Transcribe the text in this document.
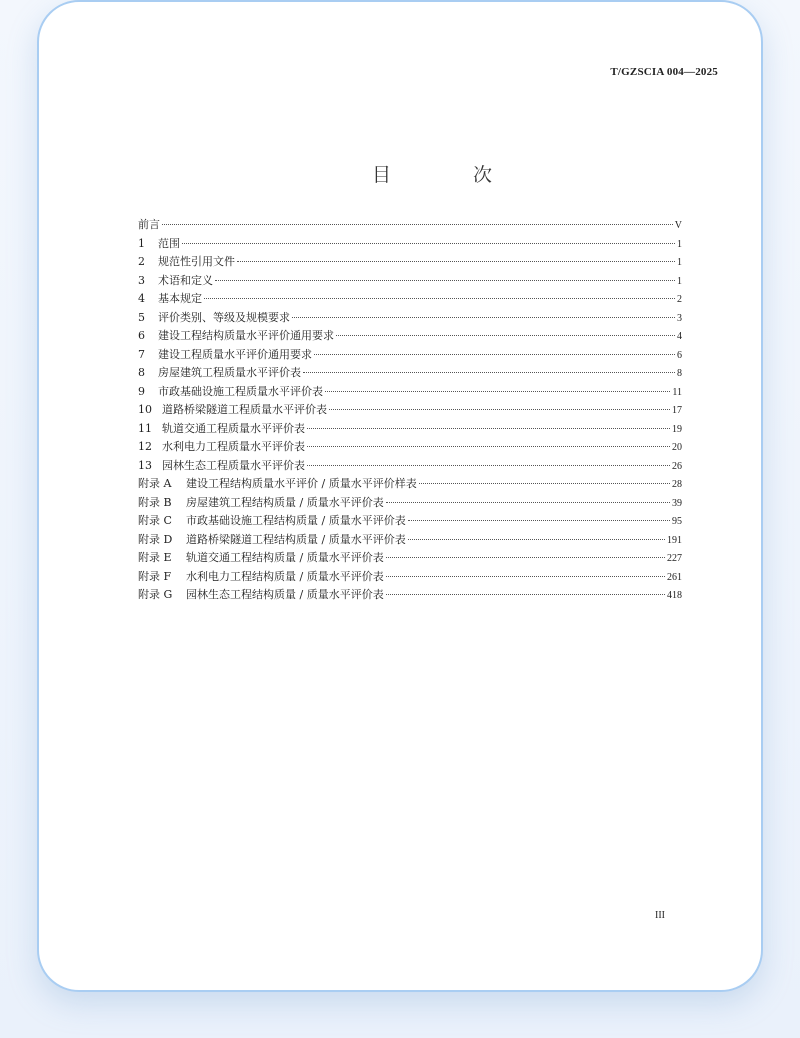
T/GZSCIA 004—2025
目 次
前言	V
1	范围	1
2	规范性引用文件	1
3	术语和定义	1
4	基本规定	2
5	评价类别、等级及规模要求	3
6	建设工程结构质量水平评价通用要求	4
7	建设工程质量水平评价通用要求	6
8	房屋建筑工程质量水平评价表	8
9	市政基础设施工程质量水平评价表	11
10 道路桥梁隧道工程质量水平评价表	17
11 轨道交通工程质量水平评价表	19
12 水利电力工程质量水平评价表	20
13 园林生态工程质量水平评价表	26
附录 A	建设工程结构质量水平评价 / 质量水平评价样表	28
附录 B	房屋建筑工程结构质量 / 质量水平评价表	39
附录 C	市政基础设施工程结构质量 / 质量水平评价表	95
附录 D	道路桥梁隧道工程结构质量 / 质量水平评价表	191
附录 E	轨道交通工程结构质量 / 质量水平评价表	227
附录 F	水利电力工程结构质量 / 质量水平评价表	261
附录 G	园林生态工程结构质量 / 质量水平评价表	418
III
